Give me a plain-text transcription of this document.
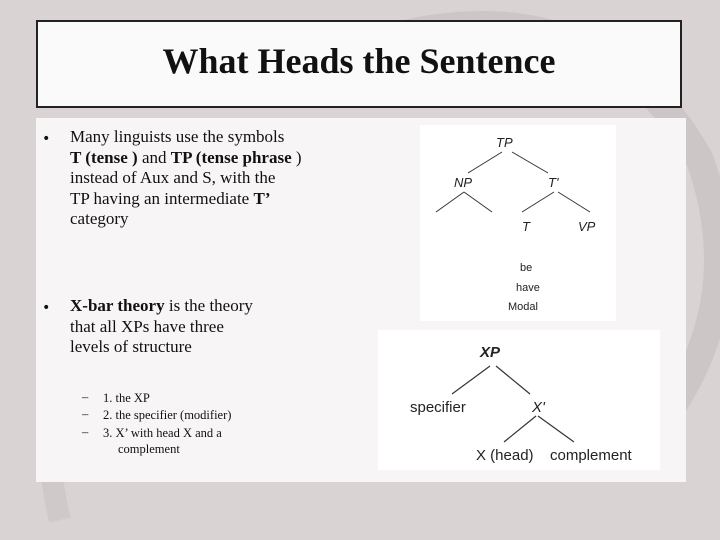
What Heads the Sentence
• Many linguists use the symbols
T (tense ) and TP (tense phrase )
instead of Aux and S, with the
TP having an intermediate T’
category
• X-bar theory is the theory
that all XPs have three
levels of structure
– 1. the XP
– 2. the specifier (modifier)
– 3. X’ with head X and a
complement
TP
NP	T'
T	VP
be
have
Modal
XP
specifier	X'
X (head) complement
